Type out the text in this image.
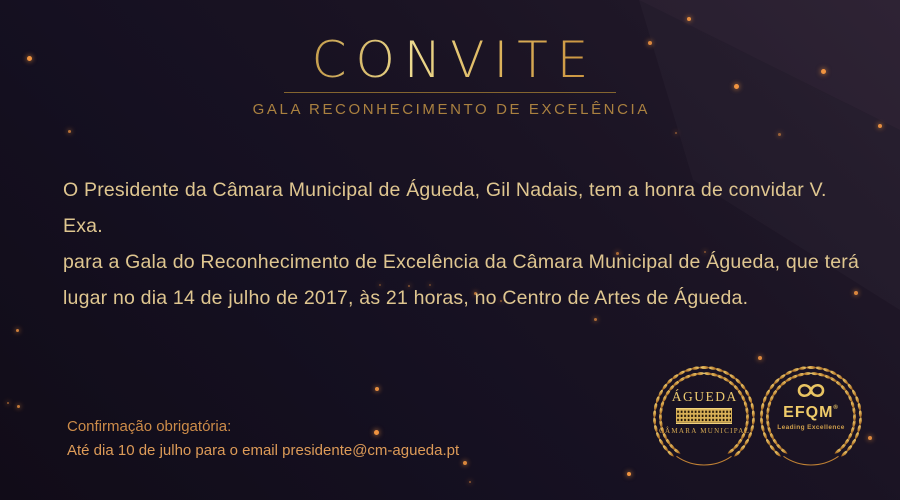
CONVITE
GALA RECONHECIMENTO DE EXCELÊNCIA
O Presidente da Câmara Municipal de Águeda, Gil Nadais, tem a honra de convidar V. Exa.
para a Gala do Reconhecimento de Excelência da Câmara Municipal de Águeda, que terá
lugar no dia 14 de julho de 2017, às 21 horas, no Centro de Artes de Águeda.
Confirmação obrigatória:
Até dia 10 de julho para o email presidente@cm-agueda.pt
ÁGUEDA
CÂMARA MUNICIPAL
EFQM®
Leading Excellence
